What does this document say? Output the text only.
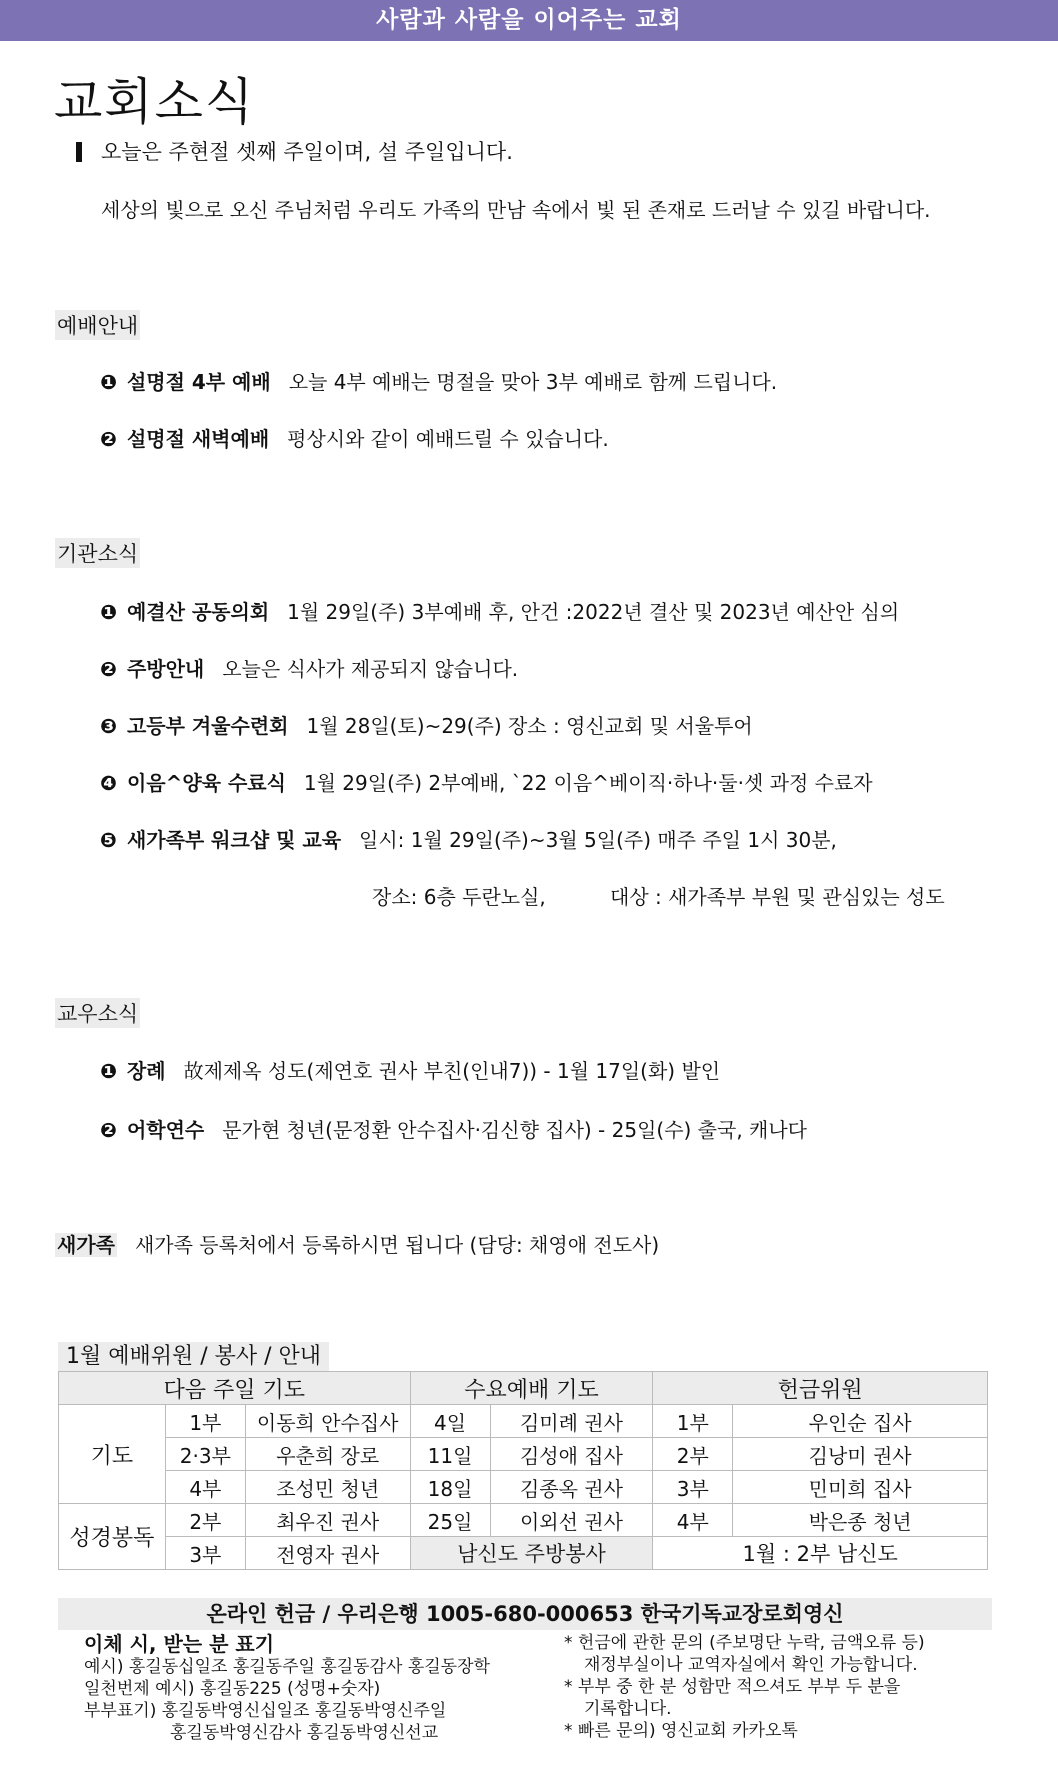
사람과 사람을 이어주는 교회
교회소식
오늘은 주현절 셋째 주일이며, 설 주일입니다.
세상의 빛으로 오신 주님처럼 우리도 가족의 만남 속에서 빛 된 존재로 드러날 수 있길 바랍니다.
예배안내
❶ 설명절 4부 예배 오늘 4부 예배는 명절을 맞아 3부 예배로 함께 드립니다.
❷ 설명절 새벽예배 평상시와 같이 예배드릴 수 있습니다.
기관소식
❶ 예결산 공동의회 1월 29일(주) 3부예배 후, 안건 :2022년 결산 및 2023년 예산안 심의
❷ 주방안내 오늘은 식사가 제공되지 않습니다.
❸ 고등부 겨울수련회 1월 28일(토)~29(주) 장소 : 영신교회 및 서울투어
❹ 이음^양육 수료식 1월 29일(주) 2부예배, `22 이음^베이직·하나·둘·셋 과정 수료자
❺ 새가족부 워크샵 및 교육 일시: 1월 29일(주)~3월 5일(주) 매주 주일 1시 30분,
장소: 6층 두란노실,	대상 : 새가족부 부원 및 관심있는 성도
교우소식
❶ 장례 故제제옥 성도(제연호 권사 부친(인내7)) - 1월 17일(화) 발인
❷ 어학연수 문가현 청년(문정환 안수집사·김신향 집사) - 25일(수) 출국, 캐나다
새가족 새가족 등록처에서 등록하시면 됩니다 (담당: 채영애 전도사)
1월 예배위원 / 봉사 / 안내
다음 주일 기도			수요예배 기도		헌금위원	
기도	1부	이동희 안수집사	4일	김미례 권사	1부	우인순 집사
	2·3부	우춘희 장로	11일	김성애 집사	2부	김낭미 권사
	4부	조성민 청년	18일	김종옥 권사	3부	민미희 집사
성경봉독	2부	최우진 권사	25일	이외선 권사	4부	박은종 청년
	3부	전영자 권사	남신도 주방봉사		1월 : 2부 남신도	
온라인 헌금 / 우리은행 1005-680-000653 한국기독교장로회영신
이체 시, 받는 분 표기
예시) 홍길동십일조 홍길동주일 홍길동감사 홍길동장학
일천번제 예시) 홍길동225 (성명+숫자)
부부표기) 홍길동박영신십일조 홍길동박영신주일
홍길동박영신감사 홍길동박영신선교
* 헌금에 관한 문의 (주보명단 누락, 금액오류 등)
재정부실이나 교역자실에서 확인 가능합니다.
* 부부 중 한 분 성함만 적으셔도 부부 두 분을
기록합니다.
* 빠른 문의) 영신교회 카카오톡
